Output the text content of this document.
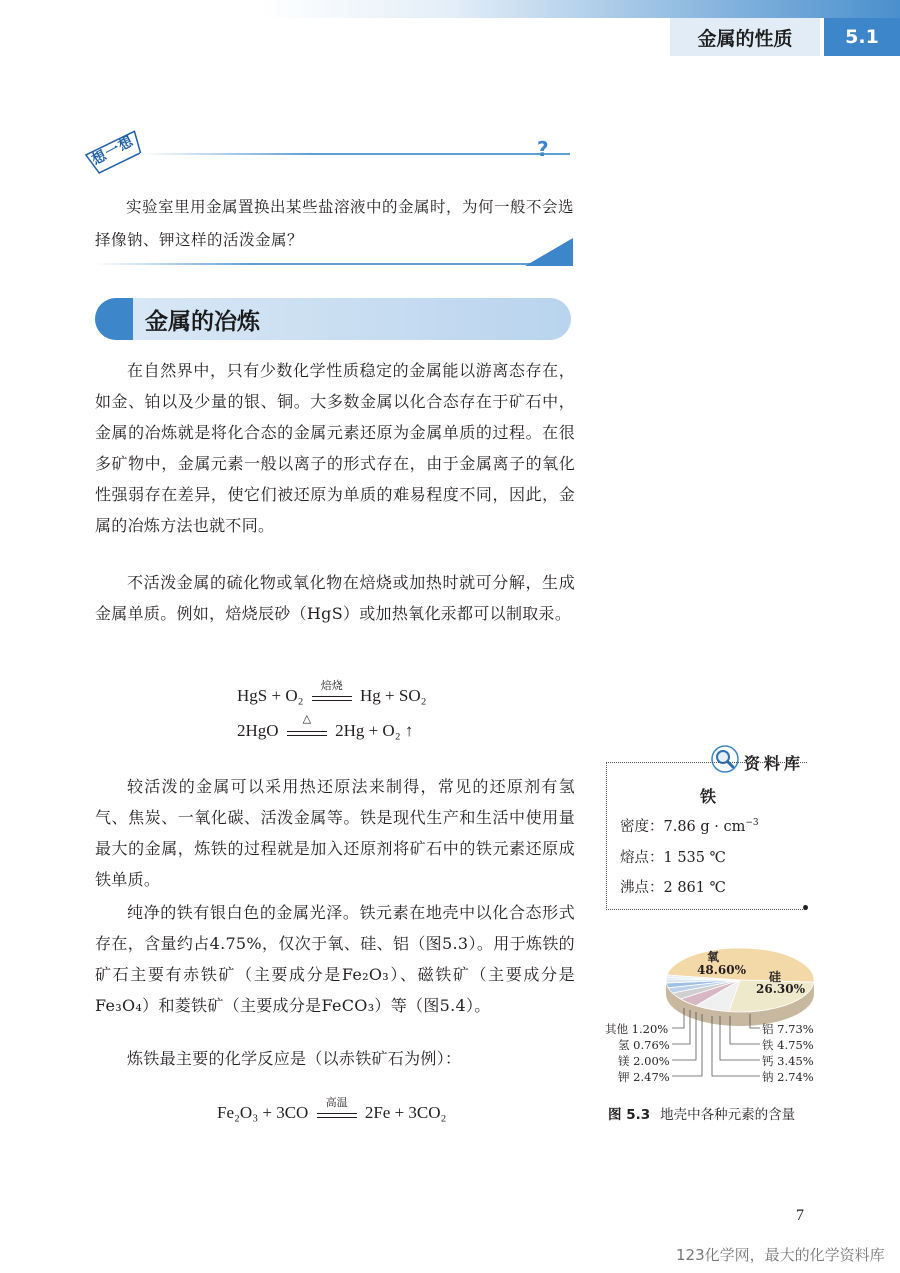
金属的性质	5.1
想一想	?
实验室里用金属置换出某些盐溶液中的金属时，为何一般不会选择像钠、钾这样的活泼金属？
金属的冶炼
在自然界中，只有少数化学性质稳定的金属能以游离态存在，如金、铂以及少量的银、铜。大多数金属以化合态存在于矿石中，金属的冶炼就是将化合态的金属元素还原为金属单质的过程。在很多矿物中，金属元素一般以离子的形式存在，由于金属离子的氧化性强弱存在差异，使它们被还原为单质的难易程度不同，因此，金属的冶炼方法也就不同。
不活泼金属的硫化物或氧化物在焙烧或加热时就可分解，生成金属单质。例如，焙烧辰砂（HgS）或加热氧化汞都可以制取汞。
HgS + O₂
焙烧
Hg + SO₂
2HgO
△
2Hg + O₂ ↑
较活泼的金属可以采用热还原法来制得，常见的还原剂有氢气、焦炭、一氧化碳、活泼金属等。铁是现代生产和生活中使用量最大的金属，炼铁的过程就是加入还原剂将矿石中的铁元素还原成铁单质。
纯净的铁有银白色的金属光泽。铁元素在地壳中以化合态形式存在，含量约占4.75%，仅次于氧、硅、铝（图5.3）。用于炼铁的矿石主要有赤铁矿（主要成分是Fe₂O₃）、磁铁矿（主要成分是Fe₃O₄）和菱铁矿（主要成分是FeCO₃）等（图5.4）。
炼铁最主要的化学反应是（以赤铁矿石为例）：
Fe₂O₃ + 3CO
高温
2Fe + 3CO₂
资料库
铁
密度：7.86 $g \cdot cm^{-3}$
熔点：1 535 ℃
沸点：2 861 ℃
氧
48.60% 硅
26.30%
其他 1.20%
氢 0.76%
镁 2.00%
钾 2.47%
铝 7.73%
铁 4.75%
钙 3.45%
钠 2.74%
图 5.3 地壳中各种元素的含量
7
123化学网，最大的化学资料库
